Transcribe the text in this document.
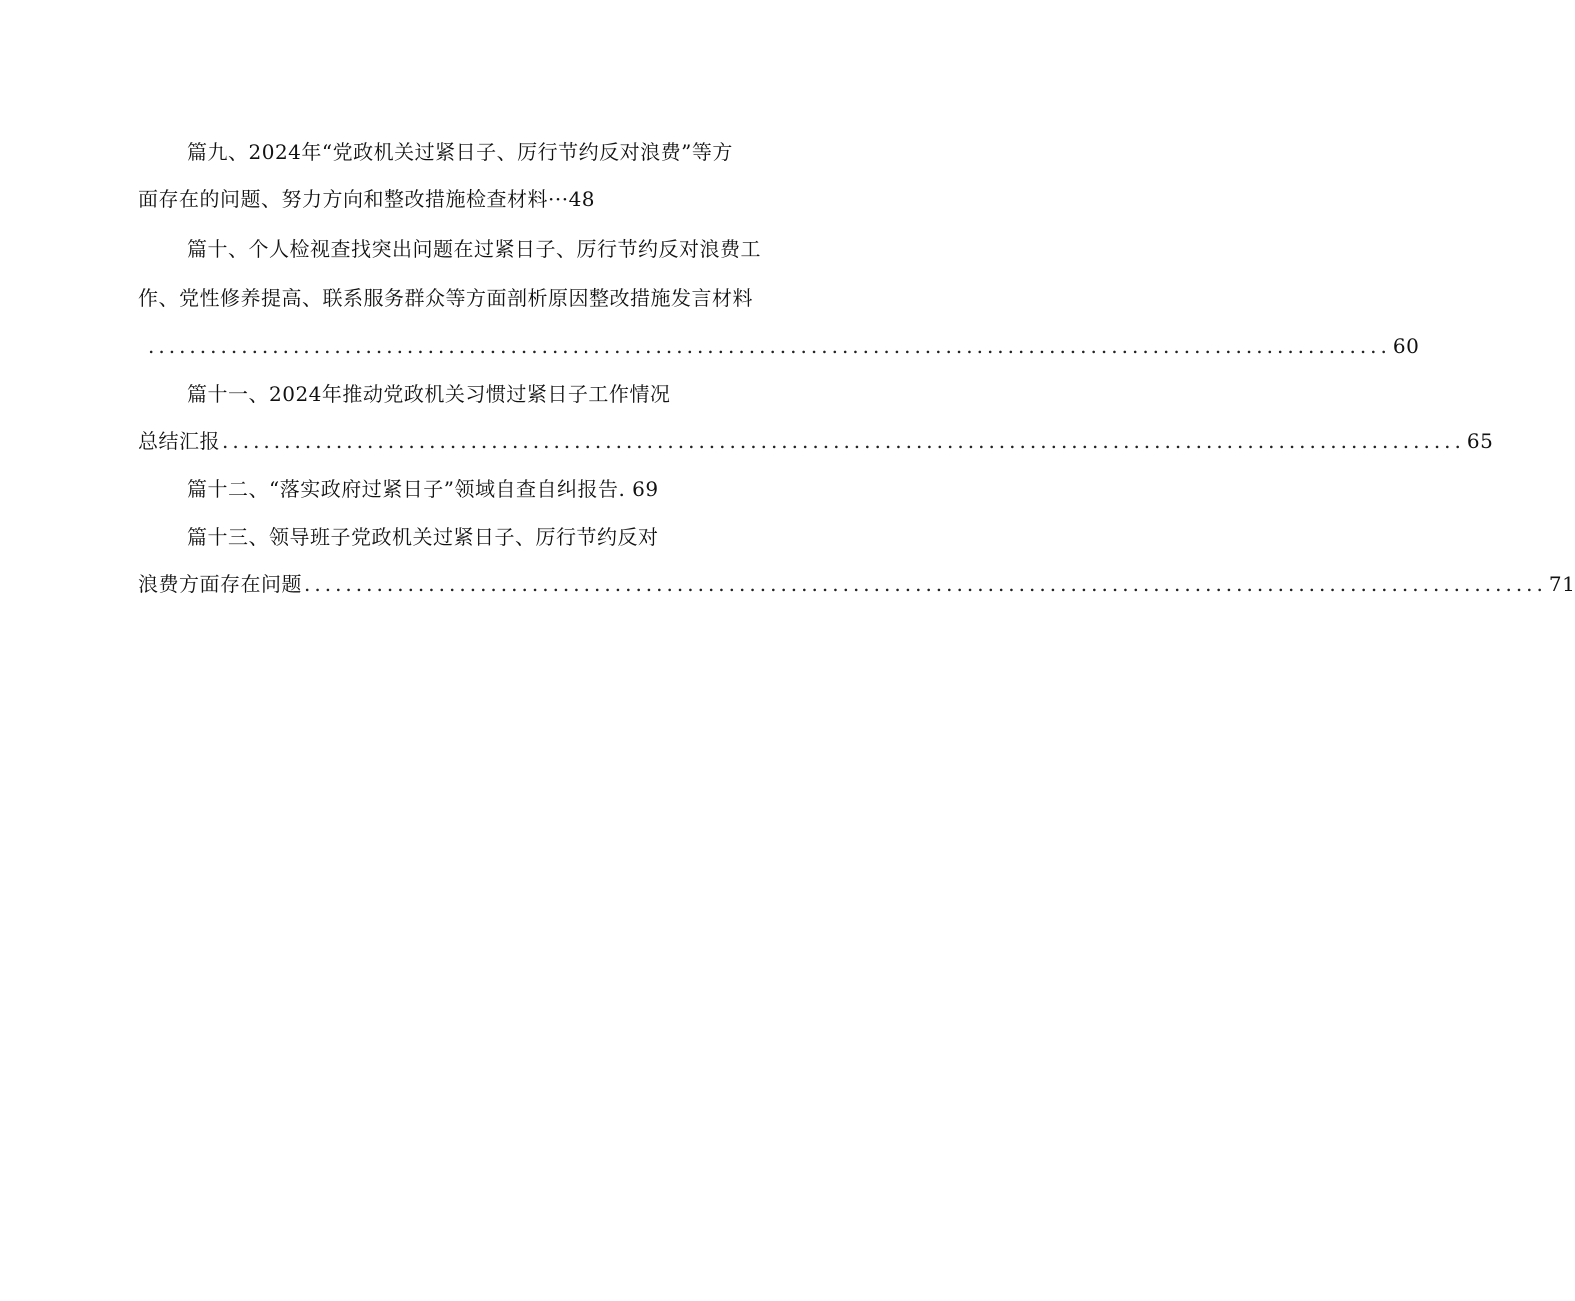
篇九、2024年“党政机关过紧日子、厉行节约反对浪费”等方
面存在的问题、努力方向和整改措施检查材料···48
篇十、个人检视查找突出问题在过紧日子、厉行节约反对浪费工
作、党性修养提高、联系服务群众等方面剖析原因整改措施发言材料
........................................................................................................................ 60
篇十一、2024年推动党政机关习惯过紧日子工作情况
总结汇报 ........................................................................................................................ 65
篇十二、“落实政府过紧日子”领域自查自纠报告. 69
篇十三、领导班子党政机关过紧日子、厉行节约反对
浪费方面存在问题 ........................................................................................................................ 71
